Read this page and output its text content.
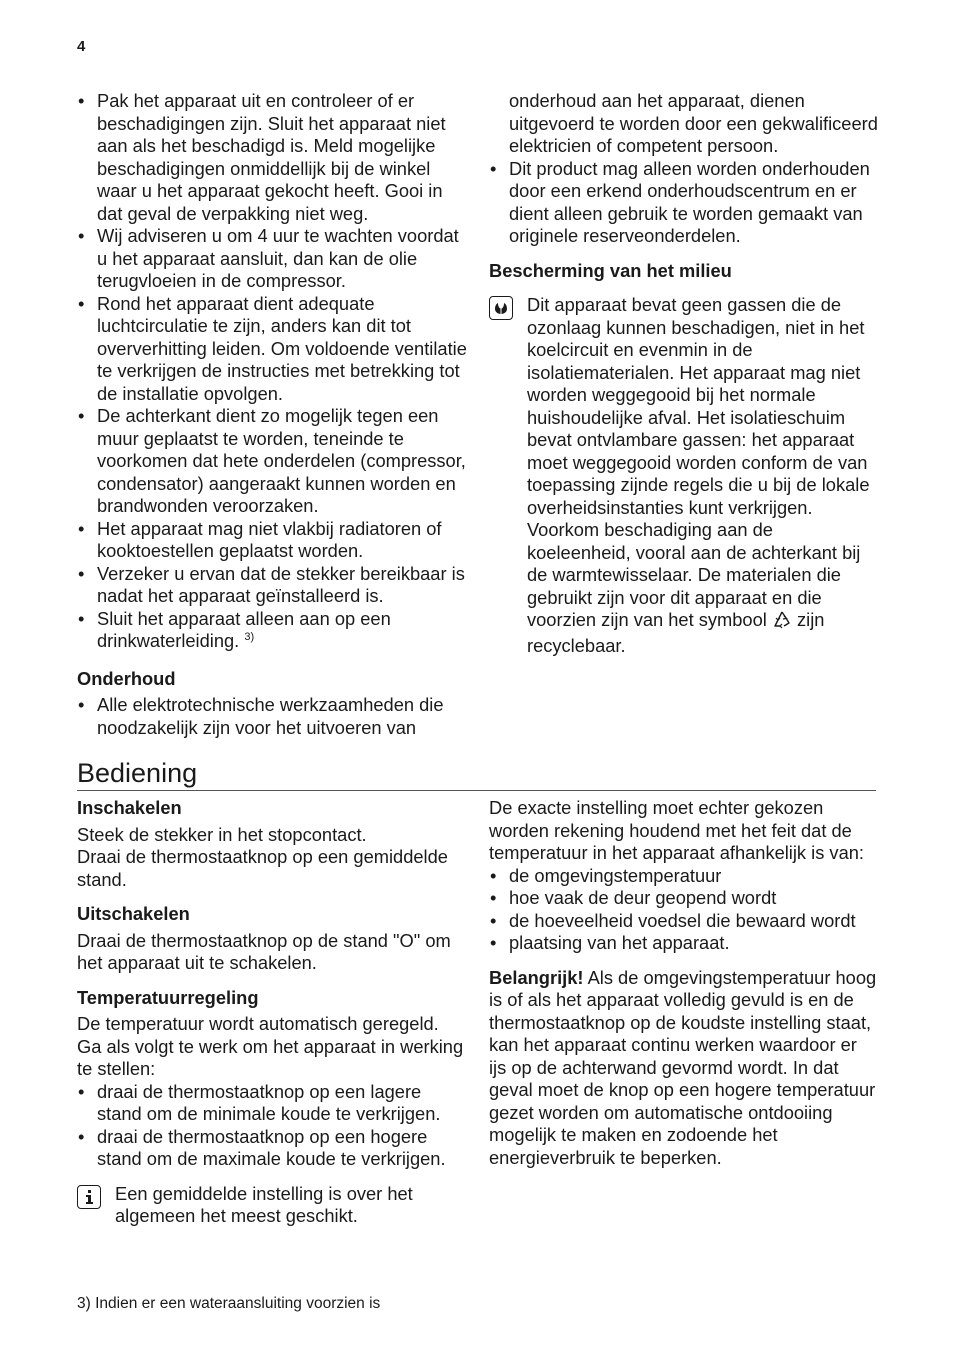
4
• Pak het apparaat uit en controleer of er beschadigingen zijn. Sluit het apparaat niet aan als het beschadigd is. Meld mogelijke beschadigingen onmiddellijk bij de winkel waar u het apparaat gekocht heeft. Gooi in dat geval de verpakking niet weg.
• Wij adviseren u om 4 uur te wachten voordat u het apparaat aansluit, dan kan de olie terugvloeien in de compressor.
• Rond het apparaat dient adequate luchtcirculatie te zijn, anders kan dit tot oververhitting leiden. Om voldoende ventilatie te verkrijgen de instructies met betrekking tot de installatie opvolgen.
• De achterkant dient zo mogelijk tegen een muur geplaatst te worden, teneinde te voorkomen dat hete onderdelen (compressor, condensator) aangeraakt kunnen worden en brandwonden veroorzaken.
• Het apparaat mag niet vlakbij radiatoren of kooktoestellen geplaatst worden.
• Verzeker u ervan dat de stekker bereikbaar is nadat het apparaat geïnstalleerd is.
• Sluit het apparaat alleen aan op een drinkwaterleiding. $^{3)}$

Onderhoud

• Alle elektrotechnische werkzaamheden die noodzakelijk zijn voor het uitvoeren van

onderhoud aan het apparaat, dienen uitgevoerd te worden door een gekwalificeerd elektricien of competent persoon.

• Dit product mag alleen worden onderhouden door een erkend onderhoudscentrum en er dient alleen gebruik te worden gemaakt van originele reserveonderdelen.

Bescherming van het milieu

Dit apparaat bevat geen gassen die de ozonlaag kunnen beschadigen, niet in het koelcircuit en evenmin in de isolatiematerialen. Het apparaat mag niet worden weggegooid bij het normale huishoudelijke afval. Het isolatieschuim bevat ontvlambare gassen: het apparaat moet weggegooid worden conform de van toepassing zijnde regels die u bij de lokale overheidsinstanties kunt verkrijgen. Voorkom beschadiging aan de koeleenheid, vooral aan de achterkant bij de warmtewisselaar. De materialen die gebruikt zijn voor dit apparaat en die voorzien zijn van het symbool zijn recyclebaar.
Bediening

Inschakelen

Steek de stekker in het stopcontact.

Draai de thermostaatknop op een gemiddelde stand.

Uitschakelen

Draai de thermostaatknop op de stand "O" om het apparaat uit te schakelen.

Temperatuurregeling

De temperatuur wordt automatisch geregeld.

Ga als volgt te werk om het apparaat in werking te stellen:

• draai de thermostaatknop op een lagere stand om de minimale koude te verkrijgen.
• draai de thermostaatknop op een hogere stand om de maximale koude te verkrijgen.
Een gemiddelde instelling is over het algemeen het meest geschikt.

De exacte instelling moet echter gekozen worden rekening houdend met het feit dat de temperatuur in het apparaat afhankelijk is van:

• de omgevingstemperatuur
• hoe vaak de deur geopend wordt
• de hoeveelheid voedsel die bewaard wordt
• plaatsing van het apparaat.

Belangrijk! Als de omgevingstemperatuur hoog is of als het apparaat volledig gevuld is en de thermostaatknop op de koudste instelling staat, kan het apparaat continu werken waardoor er ijs op de achterwand gevormd wordt. In dat geval moet de knop op een hogere temperatuur gezet worden om automatische ontdooiing mogelijk te maken en zodoende het energieverbruik te beperken.

3) Indien er een wateraansluiting voorzien is
